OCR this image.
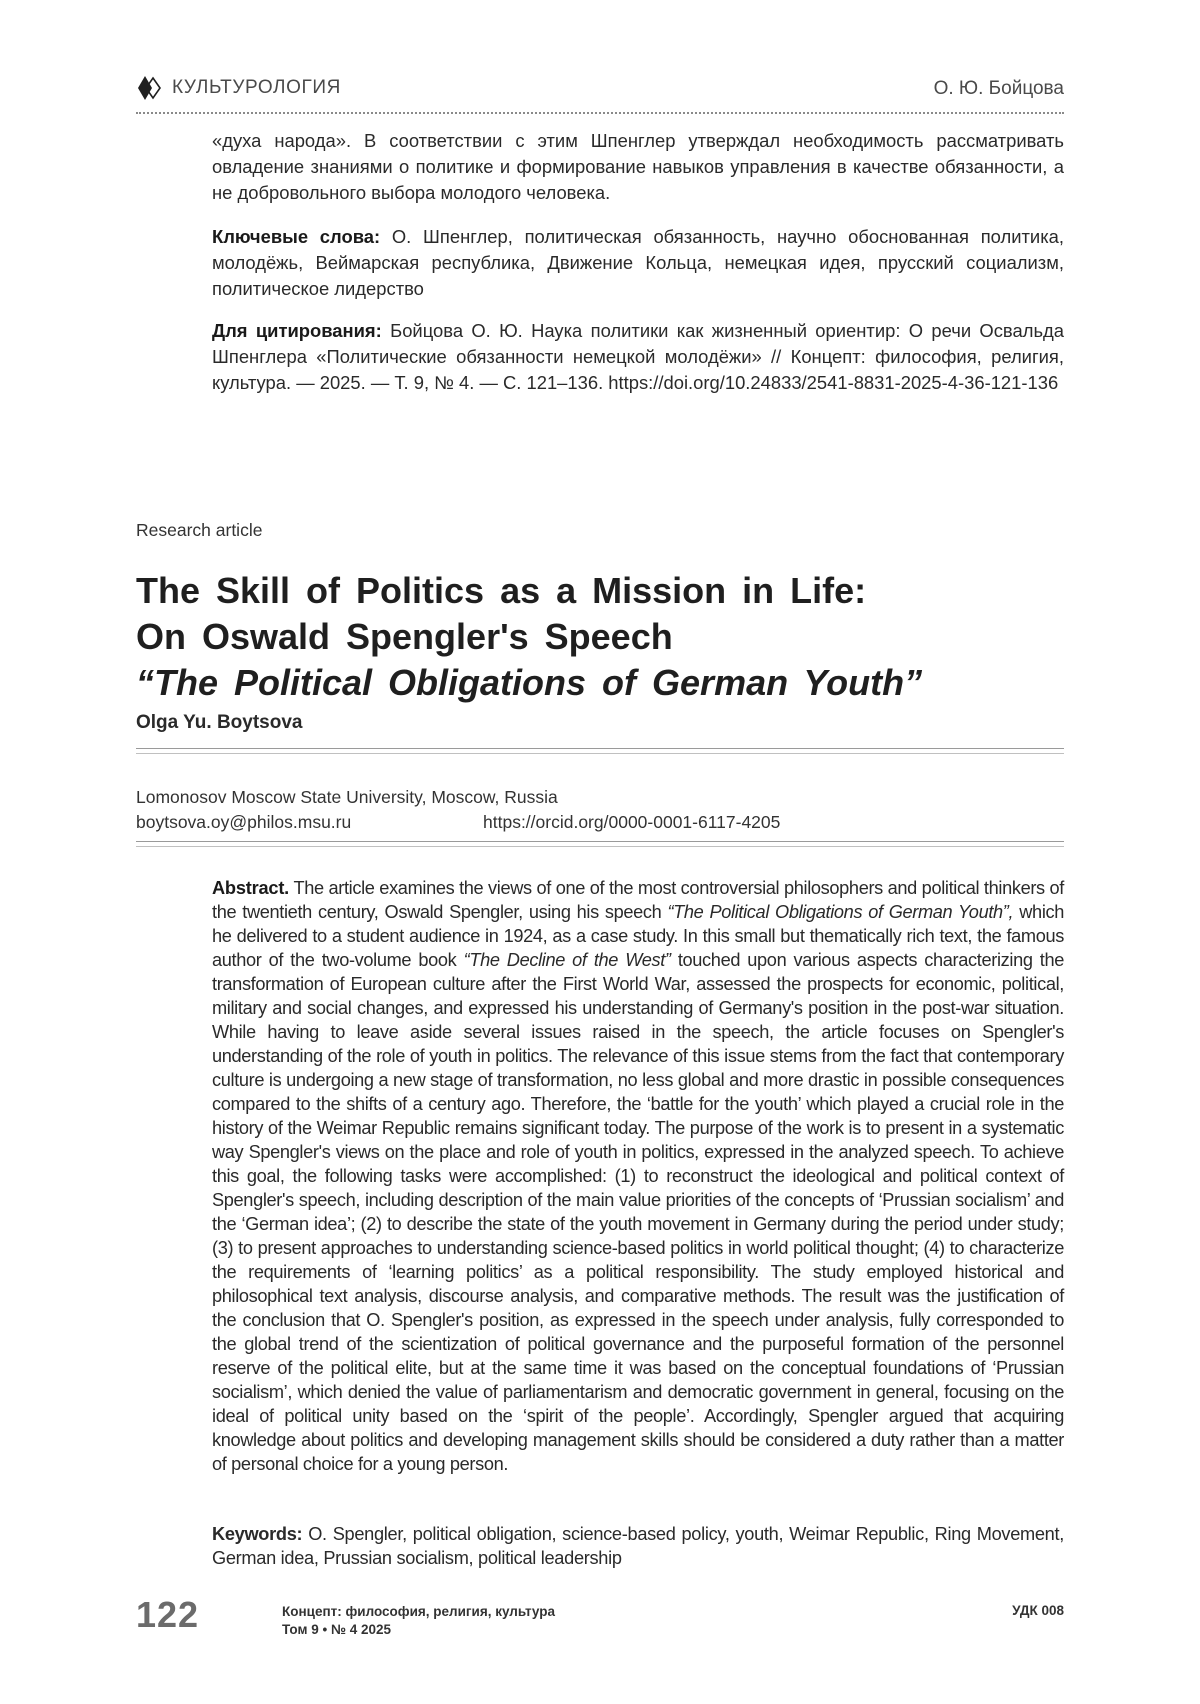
КУЛЬТУРОЛОГИЯ	О. Ю. Бойцова

«духа народа». В соответствии с этим Шпенглер утверждал необходимость рассматривать овладение знаниями о политике и формирование навыков управления в качестве обязанности, а не добровольного выбора молодого человека.

Ключевые слова: О. Шпенглер, политическая обязанность, научно обоснованная политика, молодёжь, Веймарская республика, Движение Кольца, немецкая идея, прусский социализм, политическое лидерство

Для цитирования: Бойцова О. Ю. Наука политики как жизненный ориентир: О речи Освальда Шпенглера «Политические обязанности немецкой молодёжи» // Концепт: философия, религия, культура. — 2025. — Т. 9, № 4. — С. 121–136. https://doi.org/10.24833/2541-8831-2025-4-36-121-136

Research article
The Skill of Politics as a Mission in Life:
On Oswald Spengler's Speech
“The Political Obligations of German Youth”
Olga Yu. Boytsova
Lomonosov Moscow State University, Moscow, Russia
boytsova.oy@philos.msu.ru	https://orcid.org/0000-0001-6117-4205

Abstract. The article examines the views of one of the most controversial philosophers and political thinkers of the twentieth century, Oswald Spengler, using his speech “The Political Obligations of German Youth”, which he delivered to a student audience in 1924, as a case study. In this small but thematically rich text, the famous author of the two-volume book “The Decline of the West” touched upon various aspects characterizing the transformation of European culture after the First World War, assessed the prospects for economic, political, military and social changes, and expressed his understanding of Germany's position in the post-war situation. While having to leave aside several issues raised in the speech, the article focuses on Spengler's understanding of the role of youth in politics. The relevance of this issue stems from the fact that contemporary culture is undergoing a new stage of transformation, no less global and more drastic in possible consequences compared to the shifts of a century ago. Therefore, the ‘battle for the youth’ which played a crucial role in the history of the Weimar Republic remains significant today. The purpose of the work is to present in a systematic way Spengler's views on the place and role of youth in politics, expressed in the analyzed speech. To achieve this goal, the following tasks were accomplished: (1) to reconstruct the ideological and political context of Spengler's speech, including description of the main value priorities of the concepts of ‘Prussian socialism’ and the ‘German idea’; (2) to describe the state of the youth movement in Germany during the period under study; (3) to present approaches to understanding science-based politics in world political thought; (4) to characterize the requirements of ‘learning politics’ as a political responsibility. The study employed historical and philosophical text analysis, discourse analysis, and comparative methods. The result was the justification of the conclusion that O. Spengler's position, as expressed in the speech under analysis, fully corresponded to the global trend of the scientization of political governance and the purposeful formation of the personnel reserve of the political elite, but at the same time it was based on the conceptual foundations of ‘Prussian socialism’, which denied the value of parliamentarism and democratic government in general, focusing on the ideal of political unity based on the ‘spirit of the people’. Accordingly, Spengler argued that acquiring knowledge about politics and developing management skills should be considered a duty rather than a matter of personal choice for a young person.

Keywords: O. Spengler, political obligation, science-based policy, youth, Weimar Republic, Ring Movement, German idea, Prussian socialism, political leadership

122	Концепт: философия, религия, культура
Том 9 • № 4 2025
УДК 008
